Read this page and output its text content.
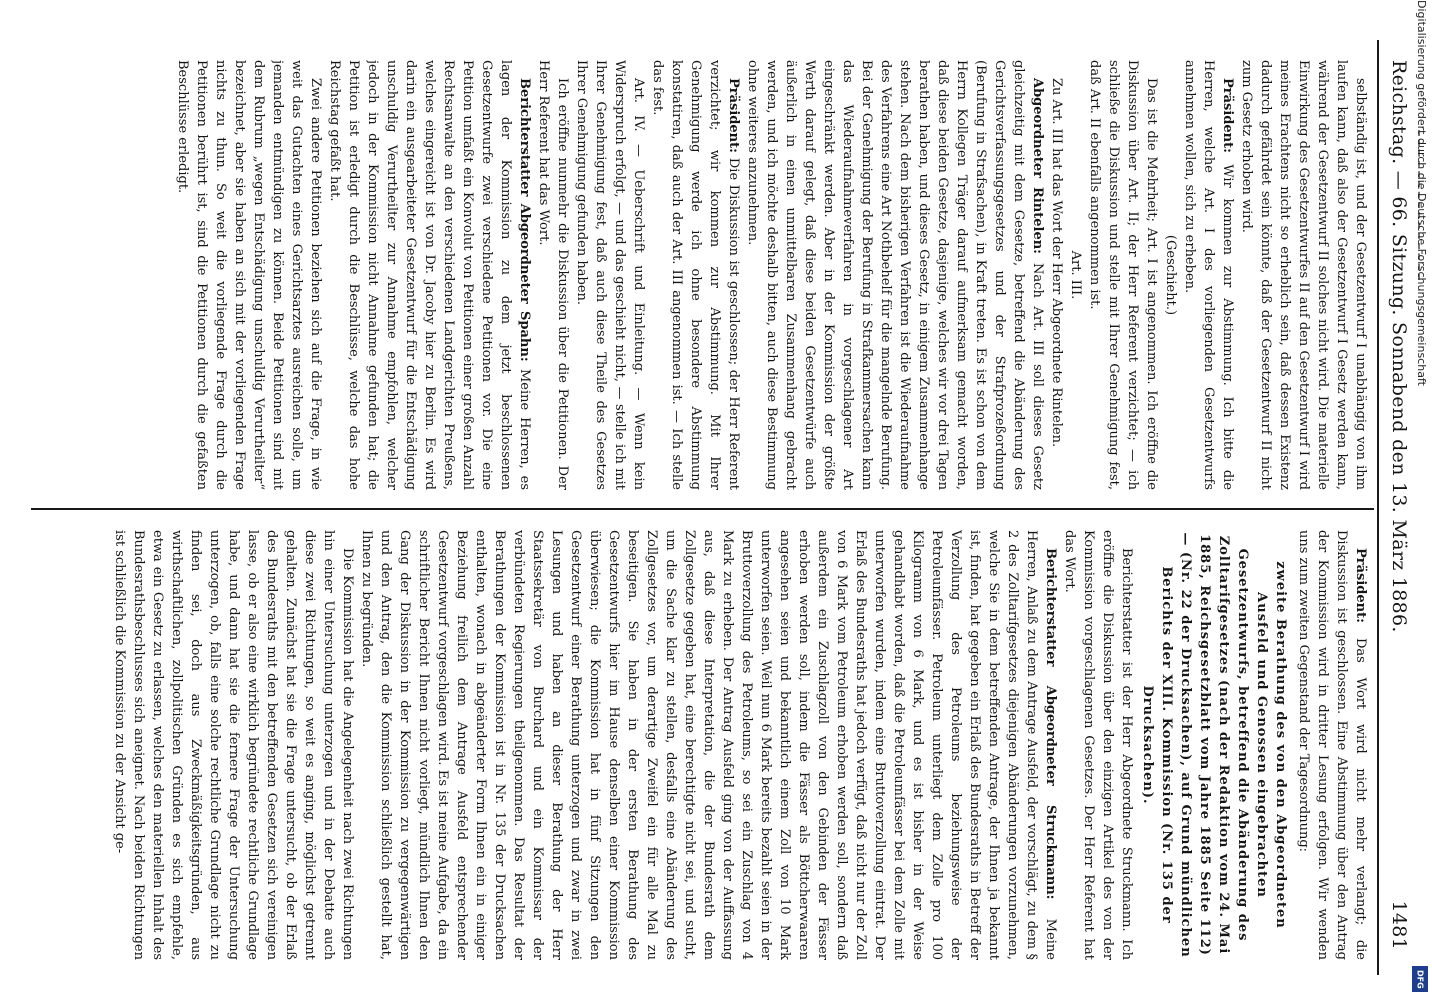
Reichstag. — 66. Sitzung. Sonnabend den 13. März 1886.
1481

selbständig ist, und der Gesetzentwurf I unabhängig von ihm laufen kann, daß also der Gesetzentwurf I Gesetz werden kann, während der Gesetzentwurf II solches nicht wird. Die materielle Einwirkung des Gesetzentwurfes II auf den Gesetzentwurf I wird meines Erachtens nicht so erheblich sein, daß dessen Existenz dadurch gefährdet sein könnte, daß der Gesetzentwurf II nicht zum Gesetz erhoben wird.

Präsident: Wir kommen zur Abstimmung. Ich bitte die Herren, welche Art. I des vorliegenden Gesetzentwurfs annehmen wollen, sich zu erheben.

(Geschieht.)

Das ist die Mehrheit; Art. I ist angenommen. Ich eröffne die Diskussion über Art. II; der Herr Referent verzichtet; — ich schließe die Diskussion und stelle mit Ihrer Genehmigung fest, daß Art. II ebenfalls angenommen ist.

Art. III.

Zu Art. III hat das Wort der Herr Abgeordnete Rintelen.

Abgeordneter Rintelen: Nach Art. III soll dieses Gesetz gleichzeitig mit dem Gesetze, betreffend die Abänderung des Gerichtsverfassungsgesetzes und der Strafprozeßordnung (Berufung in Strafsachen), in Kraft treten. Es ist schon von dem Herrn Kollegen Träger darauf aufmerksam gemacht worden, daß diese beiden Gesetze, dasjenige, welches wir vor drei Tagen berathen haben, und dieses Gesetz, in einigem Zusammenhange stehen. Nach dem bisherigen Verfahren ist die Wiederaufnahme des Verfahrens eine Art Nothbehelf für die mangelnde Berufung. Bei der Genehmigung der Berufung in Strafkammersachen kann das Wiederaufnahmeverfahren in vorgeschlagener Art eingeschränkt werden. Aber in der Kommission der größte Werth darauf gelegt, daß diese beiden Gesetzentwürfe auch äußerlich in einen unmittelbaren Zusammenhang gebracht werden, und ich möchte deshalb bitten, auch diese Bestimmung ohne weiteres anzunehmen.

Präsident: Die Diskussion ist geschlossen; der Herr Referent verzichtet; wir kommen zur Abstimmung. Mit Ihrer Genehmigung werde ich ohne besondere Abstimmung konstatiren, daß auch der Art. III angenommen ist. — Ich stelle das fest.

Art. IV. — Ueberschrift und Einleitung. — Wenn kein Widerspruch erfolgt, — und das geschieht nicht, — stelle ich mit Ihrer Genehmigung fest, daß auch diese Theile des Gesetzes Ihrer Genehmigung gefunden haben.

Ich eröffne nunmehr die Diskussion über die Petitionen. Der Herr Referent hat das Wort.

Berichterstatter Abgeordneter Spahn: Meine Herren, es lagen der Kommission zu dem jetzt beschlossenen Gesetzentwurfe zwei verschiedene Petitionen vor. Die eine Petition umfaßt ein Konvolut von Petitionen einer großen Anzahl Rechtsanwalte an den verschiedenen Landgerichten Preußens, welches eingereicht ist von Dr. Jacoby hier zu Berlin. Es wird darin ein ausgearbeiteter Gesetzentwurf für die Entschädigung unschuldig Verurtheilter zur Annahme empfohlen, welcher jedoch in der Kommission nicht Annahme gefunden hat; die Petition ist erledigt durch die Beschlüsse, welche das hohe Reichstag gefaßt hat.

Zwei andere Petitionen beziehen sich auf die Frage, in wie weit das Gutachten eines Gerichtsarztes ausreichen solle, um jemanden entmündigen zu können. Beide Petitionen sind mit dem Rubrum „wegen Entschädigung unschuldig Verurtheilter“ bezeichnet, aber sie haben an sich mit der vorliegenden Frage nichts zu thun. So weit die vorliegende Frage durch die Petitionen berührt ist, sind die Petitionen durch die gefaßten Beschlüsse erledigt.

Präsident: Das Wort wird nicht mehr verlangt; die Diskussion ist geschlossen. Eine Abstimmung über den Antrag der Kommission wird in dritter Lesung erfolgen. Wir wenden uns zum zweiten Gegenstand der Tagesordnung:

zweite Berathung des von den Abgeordneten Ausfeld und Genossen eingebrachten Gesetzentwurfs, betreffend die Abänderung des Zolltarifgesetzes (nach der Redaktion vom 24. Mai 1885, Reichsgesetzblatt vom Jahre 1885 Seite 112) — (Nr. 22 der Drucksachen), auf Grund mündlichen Berichts der XIII. Kommission (Nr. 135 der Drucksachen).

Berichterstatter ist der Herr Abgeordnete Struckmann. Ich eröffne die Diskussion über den einzigen Artikel des von der Kommission vorgeschlagenen Gesetzes. Der Herr Referent hat das Wort.

Berichterstatter Abgeordneter Struckmann: Meine Herren, Anlaß zu dem Antrage Ausfeld, der vorschlägt, zu dem § 2 des Zolltarifgesetzes diejenigen Abänderungen vorzunehmen, welche Sie in dem betreffenden Antrage, der Ihnen ja bekannt ist, finden, hat gegeben ein Erlaß des Bundesraths in Betreff der Verzollung des Petroleums beziehungsweise der Petroleumfässer. Petroleum unterliegt dem Zolle pro 100 Kilogramm von 6 Mark, und es ist bisher in der Weise gehandhabt worden, daß die Petroleumfässer bei dem Zolle mit unterworfen wurden, indem eine Bruttoverzollung eintrat. Der Erlaß des Bundesraths hat jedoch verfügt, daß nicht nur der Zoll von 6 Mark vom Petroleum erhoben werden soll, sondern daß außerdem ein Zuschlagzoll von den Gebinden der Fässer erhoben werden soll, indem die Fässer als Böttcherwaaren angesehen seien und bekanntlich einem Zoll von 10 Mark unterworfen seien. Weil nun 6 Mark bereits bezahlt seien in der Bruttoverzollung des Petroleums, so sei ein Zuschlag von 4 Mark zu erheben. Der Antrag Ausfeld ging von der Auffassung aus, daß diese Interpretation, die der Bundesrath dem Zollgesetze gegeben hat, eine berechtigte nicht sei, und sucht, um die Sache klar zu stellen, desfalls eine Abänderung des Zollgesetzes vor, um derartige Zweifel ein für alle Mal zu beseitigen. Sie haben in der ersten Berathung des Gesetzentwurfs hier im Hause denselben einer Kommission überwiesen; die Kommission hat in fünf Sitzungen den Gesetzentwurf einer Berathung unterzogen und zwar in zwei Lesungen und haben an dieser Berathung der Herr Staatssekretär von Burchard und ein Kommissar der verbündeten Regierungen theilgenommen. Das Resultat der Berathungen der Kommission ist in Nr. 135 der Drucksachen enthalten, wonach in abgeänderter Form Ihnen ein in einiger Beziehung freilich dem Antrage Ausfeld entsprechender Gesetzentwurf vorgeschlagen wird. Es ist meine Aufgabe, da ein schriftlicher Bericht Ihnen nicht vorliegt, mündlich Ihnen den Gang der Diskussion in der Kommission zu vergegenwärtigen und den Antrag, den die Kommission schließlich gestellt hat, Ihnen zu begründen.

Die Kommission hat die Angelegenheit nach zwei Richtungen hin einer Untersuchung unterzogen und in der Debatte auch diese zwei Richtungen, so weit es anging, möglichst getrennt gehalten. Zunächst hat sie die Frage untersucht, ob der Erlaß des Bundesraths mit den betreffenden Gesetzen sich vereinigen lasse, ob er also eine wirklich begründete rechtliche Grundlage habe, und dann hat sie die fernere Frage der Untersuchung unterzogen, ob, falls eine solche rechtliche Grundlage nicht zu finden sei, doch aus Zweckmäßigkeitsgründen, aus wirthschaftlichen, zollpolitischen Gründen es sich empfehle, etwa ein Gesetz zu erlassen, welches den materiellen Inhalt des Bundesrathsbeschlusses sich aneignet. Nach beiden Richtungen ist schließlich die Kommission zu der Ansicht ge-

Digitalisierung gefördert durch die Deutsche Forschungsgemeinschaft
DFG
